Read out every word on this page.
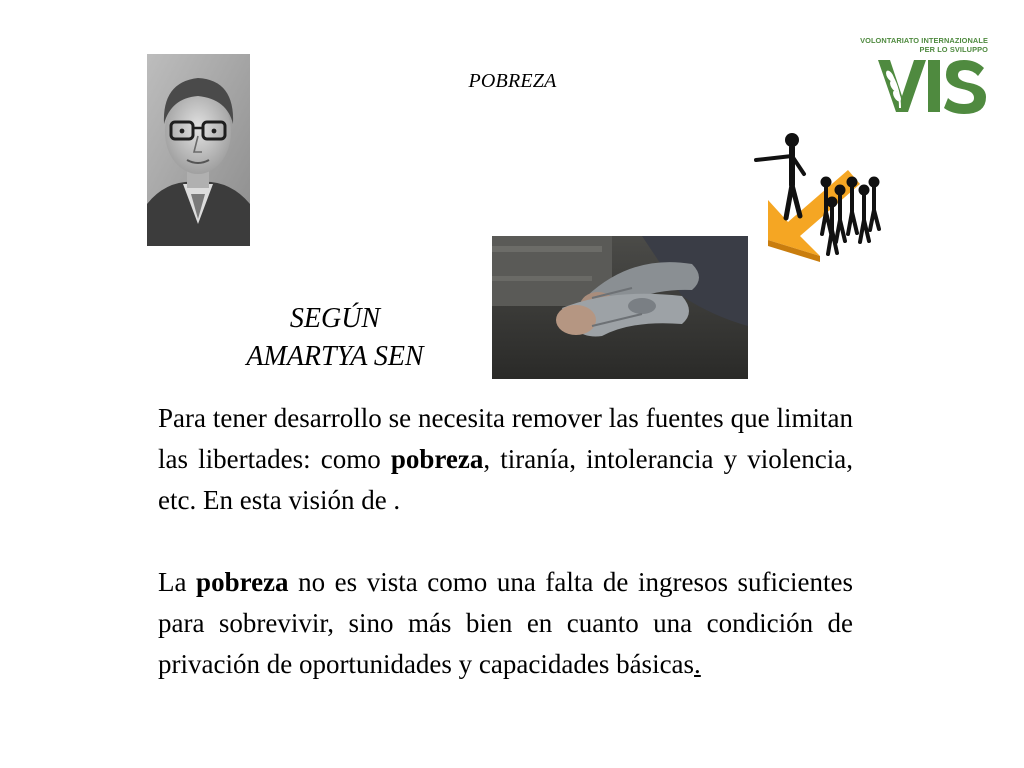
POBREZA
VOLONTARIATO INTERNAZIONALE
PER LO SVILUPPO
SEGÚN
AMARTYA SEN

Para tener desarrollo se necesita remover las fuentes que limitan las libertades: como pobreza, tiranía, intolerancia y violencia, etc. En esta visión de .

La pobreza no es vista como una falta de ingresos suficientes para sobrevivir, sino más bien en cuanto una condición de privación de oportunidades y capacidades básicas.
